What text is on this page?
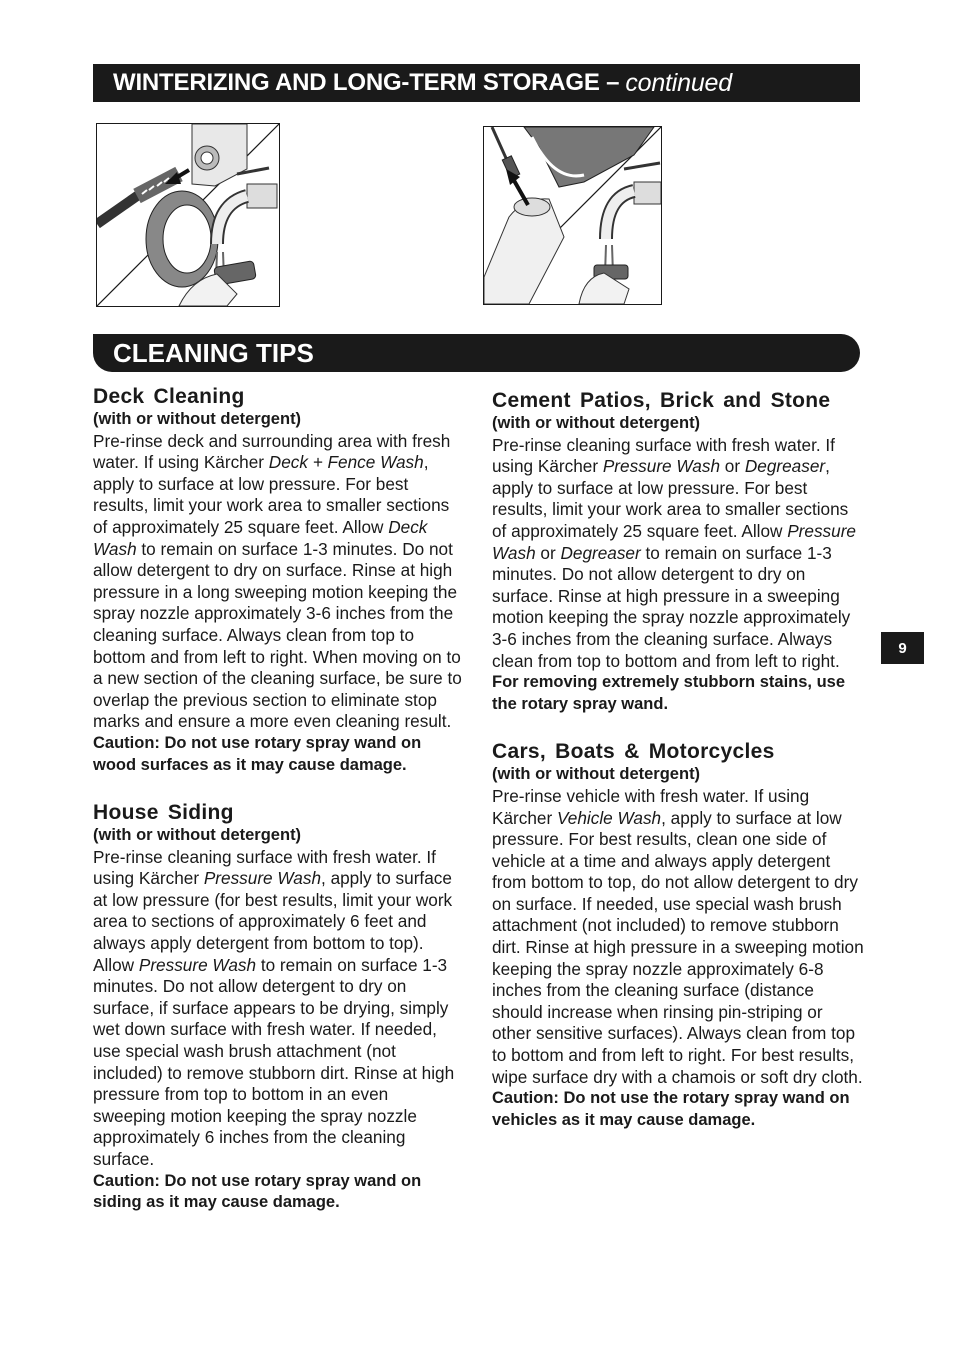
WINTERIZING AND LONG-TERM STORAGE – continued
CLEANING TIPS
9
Deck Cleaning
(with or without detergent)

Pre-rinse deck and surrounding area with fresh water. If using Kärcher Deck + Fence Wash, apply to surface at low pressure. For best results, limit your work area to smaller sections of approximately 25 square feet. Allow Deck Wash to remain on surface 1-3 minutes. Do not allow detergent to dry on surface. Rinse at high pressure in a long sweeping motion keeping the spray nozzle approximately 3-6 inches from the cleaning surface. Always clean from top to bottom and from left to right. When moving on to a new section of the cleaning surface, be sure to overlap the previous section to eliminate stop marks and ensure a more even cleaning result.

Caution: Do not use rotary spray wand on wood surfaces as it may cause damage.

House Siding
(with or without detergent)

Pre-rinse cleaning surface with fresh water. If using Kärcher Pressure Wash, apply to surface at low pressure (for best results, limit your work area to sections of approximately 6 feet and always apply detergent from bottom to top). Allow Pressure Wash to remain on surface 1-3 minutes. Do not allow detergent to dry on surface, if surface appears to be drying, simply wet down surface with fresh water. If needed, use special wash brush attachment (not included) to remove stubborn dirt. Rinse at high pressure from top to bottom in an even sweeping motion keeping the spray nozzle approximately 6 inches from the cleaning surface.

Caution: Do not use rotary spray wand on siding as it may cause damage.

Cement Patios, Brick and Stone
(with or without detergent)

Pre-rinse cleaning surface with fresh water. If using Kärcher Pressure Wash or Degreaser, apply to surface at low pressure. For best results, limit your work area to smaller sections of approximately 25 square feet. Allow Pressure Wash or Degreaser to remain on surface 1-3 minutes. Do not allow detergent to dry on surface. Rinse at high pressure in a sweeping motion keeping the spray nozzle approximately 3-6 inches from the cleaning surface. Always clean from top to bottom and from left to right.

For removing extremely stubborn stains, use the rotary spray wand.

Cars, Boats & Motorcycles
(with or without detergent)

Pre-rinse vehicle with fresh water. If using Kärcher Vehicle Wash, apply to surface at low pressure. For best results, clean one side of vehicle at a time and always apply detergent from bottom to top, do not allow detergent to dry on surface. If needed, use special wash brush attachment (not included) to remove stubborn dirt. Rinse at high pressure in a sweeping motion keeping the spray nozzle approximately 6-8 inches from the cleaning surface (distance should increase when rinsing pin-striping or other sensitive surfaces). Always clean from top to bottom and from left to right. For best results, wipe surface dry with a chamois or soft dry cloth.

Caution: Do not use the rotary spray wand on vehicles as it may cause damage.
